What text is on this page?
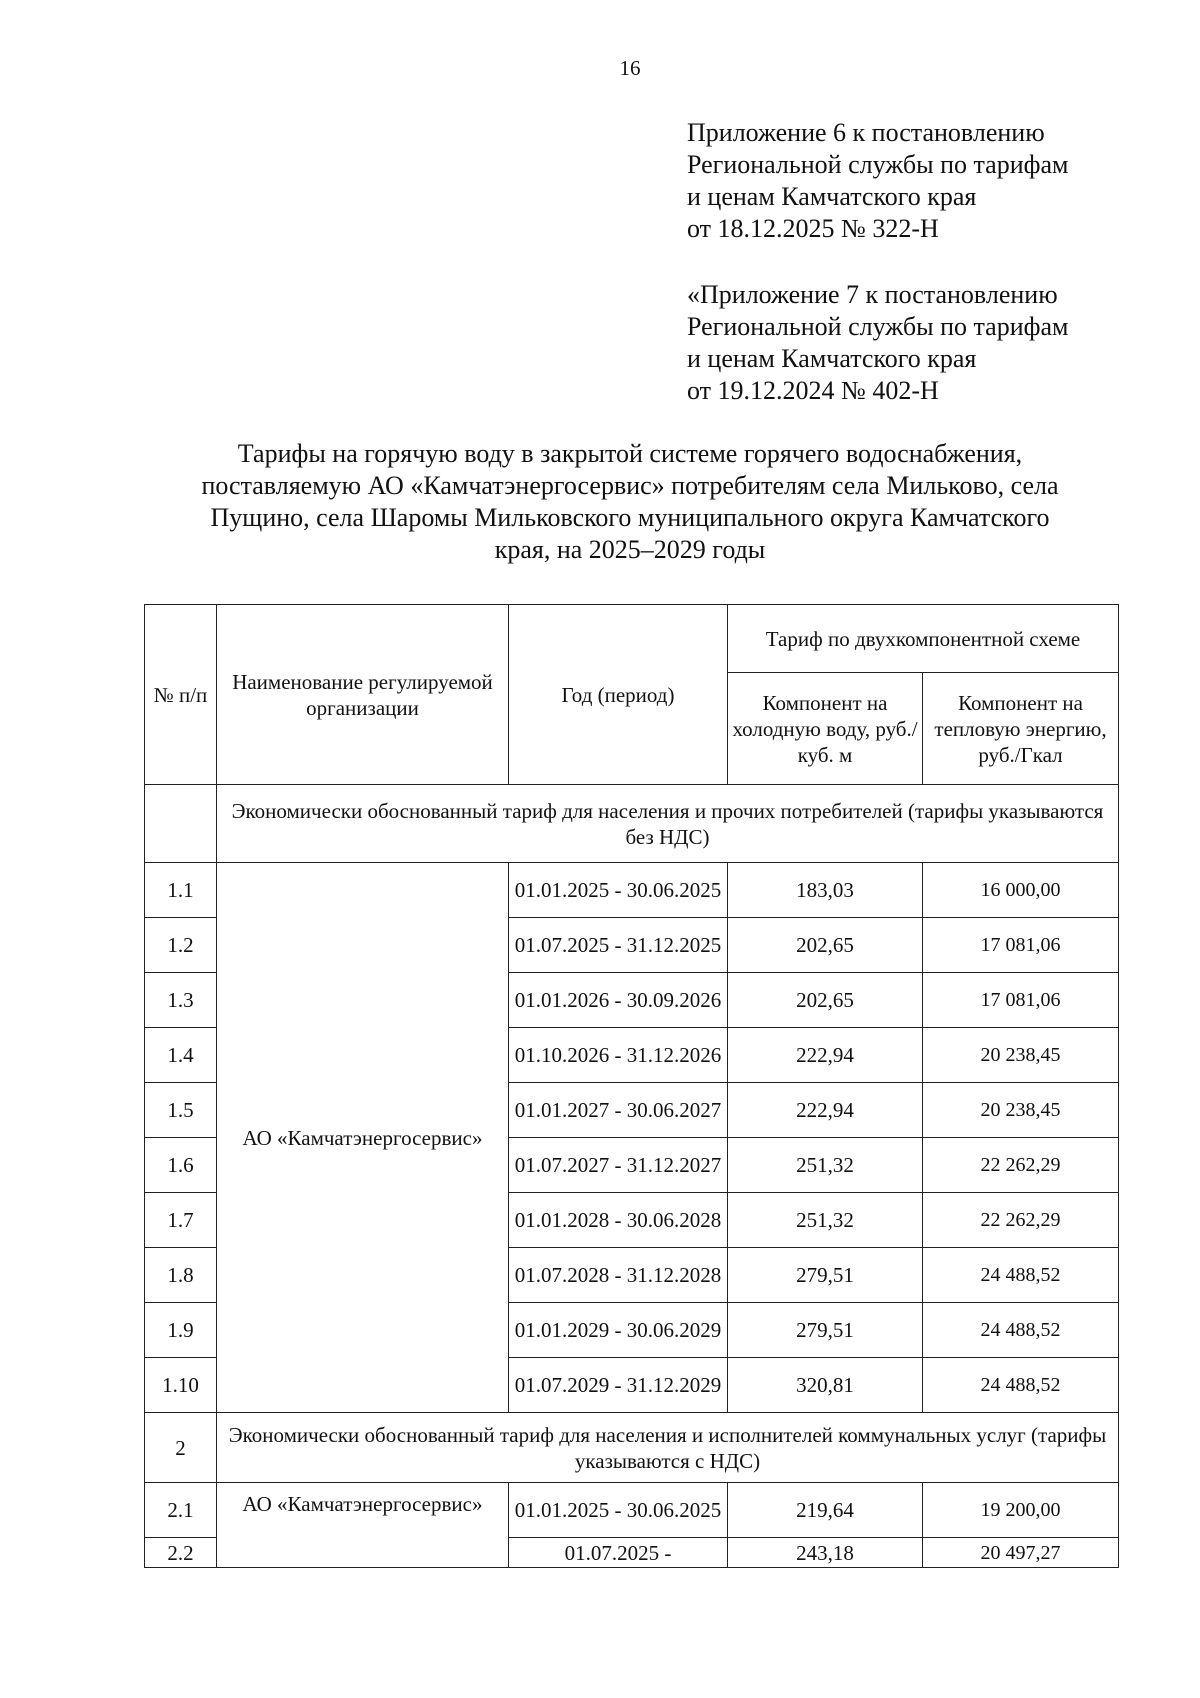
16
Приложение 6 к постановлению
Региональной службы по тарифам
и ценам Камчатского края
от 18.12.2025 № 322-Н
«Приложение 7 к постановлению
Региональной службы по тарифам
и ценам Камчатского края
от 19.12.2024 № 402-Н
Тарифы на горячую воду в закрытой системе горячего водоснабжения,
поставляемую АО «Камчатэнергосервис» потребителям села Мильково, села
Пущино, села Шаромы Мильковского муниципального округа Камчатского
края, на 2025–2029 годы
№ п/п	Наименование регулируемой организации	Год (период)	Тариф по двухкомпонентной схеме	
			Компонент на холодную воду, руб./куб. м	Компонент на тепловую энергию, руб./Гкал
	Экономически обоснованный тариф для населения и прочих потребителей (тарифы указываются без НДС)			
1.1	АО «Камчатэнергосервис»	01.01.2025 - 30.06.2025	183,03	16 000,00
1.2		01.07.2025 - 31.12.2025	202,65	17 081,06
1.3		01.01.2026 - 30.09.2026	202,65	17 081,06
1.4		01.10.2026 - 31.12.2026	222,94	20 238,45
1.5		01.01.2027 - 30.06.2027	222,94	20 238,45
1.6		01.07.2027 - 31.12.2027	251,32	22 262,29
1.7		01.01.2028 - 30.06.2028	251,32	22 262,29
1.8		01.07.2028 - 31.12.2028	279,51	24 488,52
1.9		01.01.2029 - 30.06.2029	279,51	24 488,52
1.10		01.07.2029 - 31.12.2029	320,81	24 488,52
2	Экономически обоснованный тариф для населения и исполнителей коммунальных услуг (тарифы указываются с НДС)			
2.1	АО «Камчатэнергосервис»	01.01.2025 - 30.06.2025	219,64	19 200,00
2.2		01.07.2025 -	243,18	20 497,27
